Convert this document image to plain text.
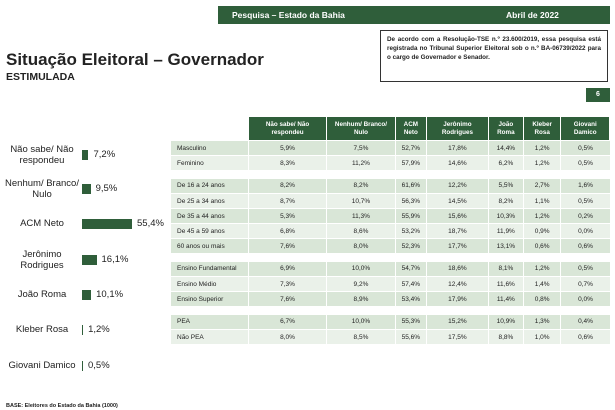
Pesquisa – Estado da Bahia	Abril de 2022
Situação Eleitoral – Governador
ESTIMULADA
De acordo com a Resolução-TSE n.º 23.600/2019, essa pesquisa está registrada no Tribunal Superior Eleitoral sob o n.º BA-06739/2022 para o cargo de Governador e Senador.
6
Não sabe/ Não respondeu
7,2%
Nenhum/ Branco/ Nulo
9,5%
ACM Neto	55,4%
Jerônimo Rodrigues
16,1%
João Roma	10,1%
Kleber Rosa	1,2%
Giovani Damico	0,5%
	Não sabe/ Não respondeu	Nenhum/ Branco/ Nulo	ACM Neto	Jerônimo Rodrigues	João Roma	Kleber Rosa	Giovani Damico
Masculino	5,9%	7,5%	52,7%	17,8%	14,4%	1,2%	0,5%
Feminino	8,3%	11,2%	57,9%	14,6%	6,2%	1,2%	0,5%

De 16 a 24 anos	8,2%	8,2%	61,6%	12,2%	5,5%	2,7%	1,6%
De 25 a 34 anos	8,7%	10,7%	56,3%	14,5%	8,2%	1,1%	0,5%
De 35 a 44 anos	5,3%	11,3%	55,9%	15,6%	10,3%	1,2%	0,2%
De 45 a 59 anos	6,8%	8,6%	53,2%	18,7%	11,9%	0,9%	0,0%
60 anos ou mais	7,6%	8,0%	52,3%	17,7%	13,1%	0,6%	0,6%

Ensino Fundamental	6,9%	10,0%	54,7%	18,6%	8,1%	1,2%	0,5%
Ensino Médio	7,3%	9,2%	57,4%	12,4%	11,6%	1,4%	0,7%
Ensino Superior	7,6%	8,9%	53,4%	17,9%	11,4%	0,8%	0,0%

PEA	6,7%	10,0%	55,3%	15,2%	10,9%	1,3%	0,4%
Não PEA	8,0%	8,5%	55,6%	17,5%	8,8%	1,0%	0,6%
BASE: Eleitores do Estado da Bahia (1000)
